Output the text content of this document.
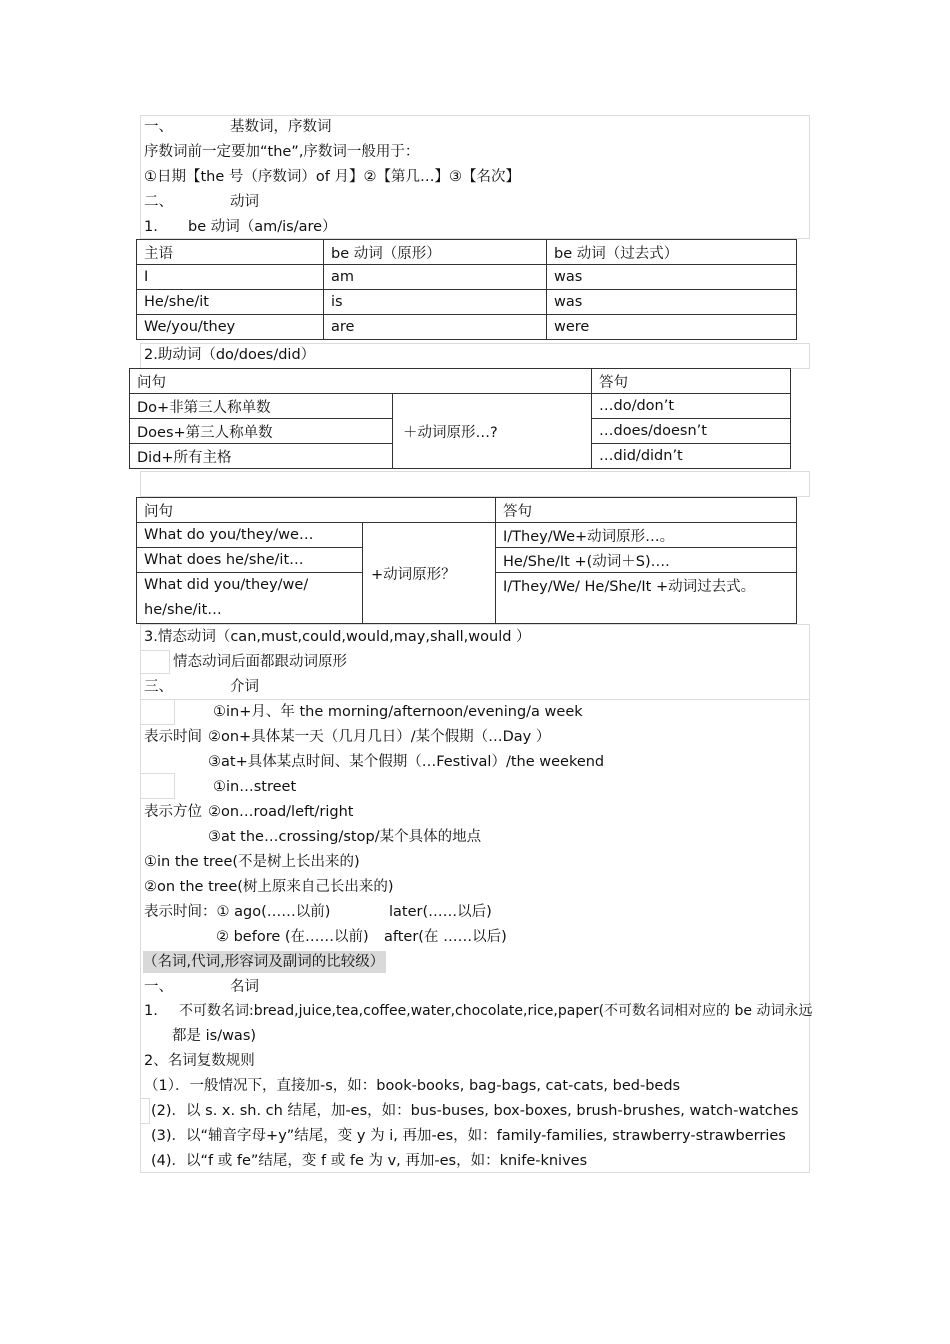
一、	基数词，序数词
序数词前一定要加“the”,序数词一般用于：
①日期【the 号（序数词）of 月】②【第几…】③【名次】
二、	动词
1. be 动词（am/is/are）
主语	be 动词（原形）	be 动词（过去式）
I	am	was
He/she/it	is	was
We/you/they	are	were
2.助动词（do/does/did）
问句		答句
Do+非第三人称单数	＋动词原形…?	…do/don’t
Does+第三人称单数		…does/doesn’t
Did+所有主格		…did/didn’t
问句		答句
What do you/they/we…	+动词原形？	I/They/We+动词原形…。
What does he/she/it…		He/She/It +(动词＋S)….

What did you/they/we/
he/she/it…		I/They/We/ He/She/It +动词过去式。
3.情态动词（can,must,could,would,may,shall,would ）
情态动词后面都跟动词原形
三、	介词
①in+月、年 the morning/afternoon/evening/a week
表示时间 ②on+具体某一天（几月几日）/某个假期（…Day ）
③at+具体某点时间、某个假期（…Festival）/the weekend
①in…street
表示方位 ②on…road/left/right
③at the…crossing/stop/某个具体的地点
①in the tree(不是树上长出来的)
②on the tree(树上原来自己长出来的)
表示时间：① ago(……以前)	later(……以后)
② before (在……以前) after(在 ……以后)
（名词,代词,形容词及副词的比较级）
一、	名词
1. 不可数名词:bread,juice,tea,coffee,water,chocolate,rice,paper(不可数名词相对应的 be 动词永远
都是 is/was)
2、名词复数规则
（1）．一般情况下，直接加-s，如：book-books, bag-bags, cat-cats, bed-beds
(2)．以 s. x. sh. ch 结尾，加-es，如：bus-buses, box-boxes, brush-brushes, watch-watches
(3)．以“辅音字母+y”结尾，变 y 为 i, 再加-es，如：family-families, strawberry-strawberries
(4)．以“f 或 fe”结尾，变 f 或 fe 为 v, 再加-es，如：knife-knives
